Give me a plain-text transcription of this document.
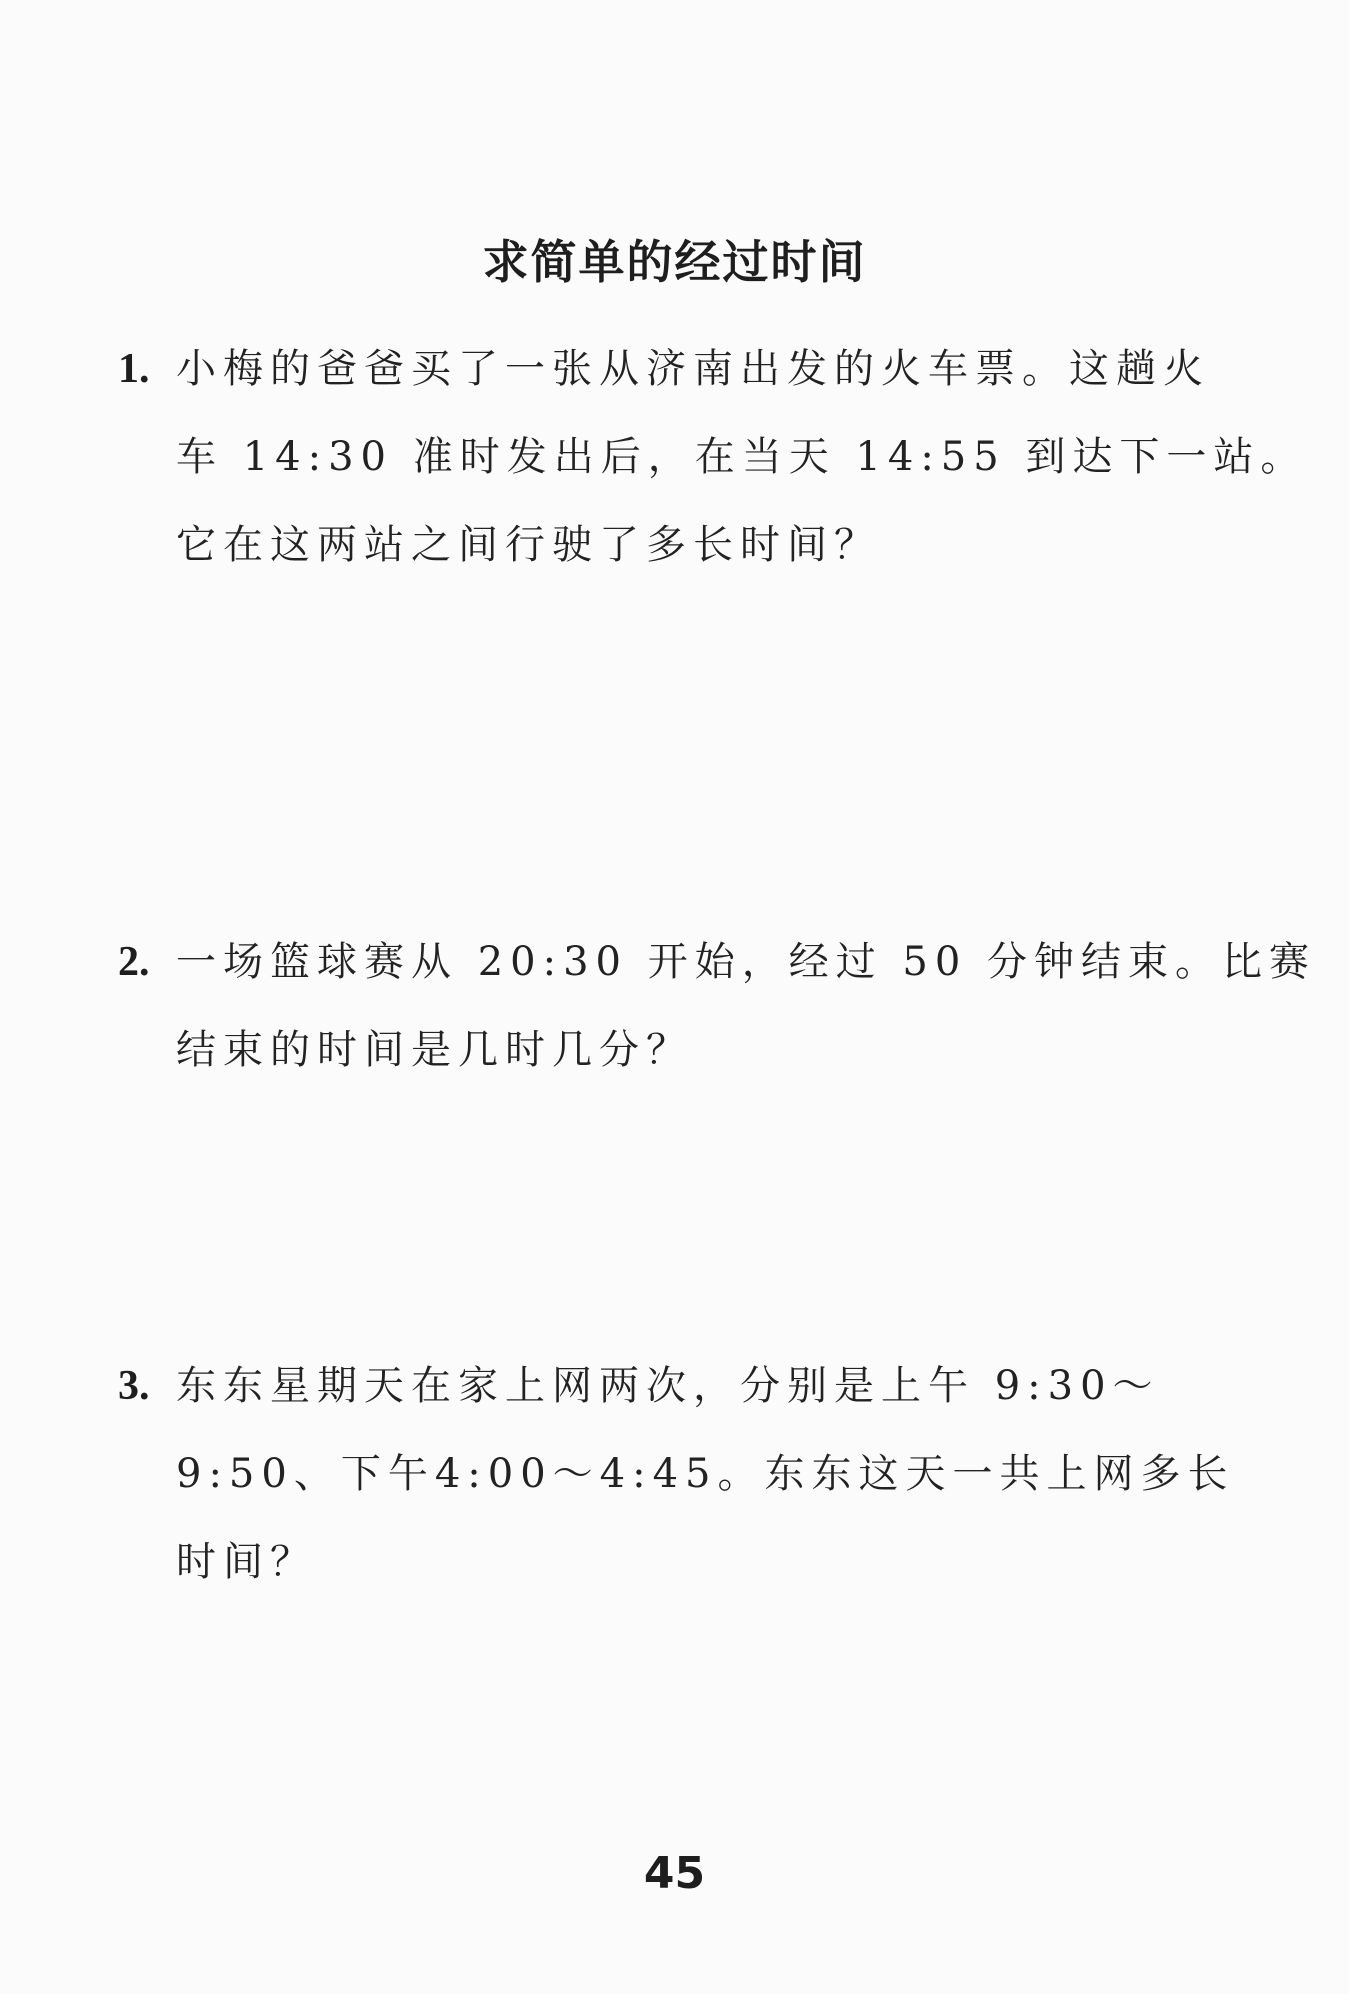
求简单的经过时间
1. 小梅的爸爸买了一张从济南出发的火车票。这趟火
车 14:30 准时发出后，在当天 14:55 到达下一站。
它在这两站之间行驶了多长时间？
2. 一场篮球赛从 20:30 开始，经过 50 分钟结束。比赛
结束的时间是几时几分？
3. 东东星期天在家上网两次，分别是上午 9:30～
9:50、下午4:00～4:45。东东这天一共上网多长
时间？
45
